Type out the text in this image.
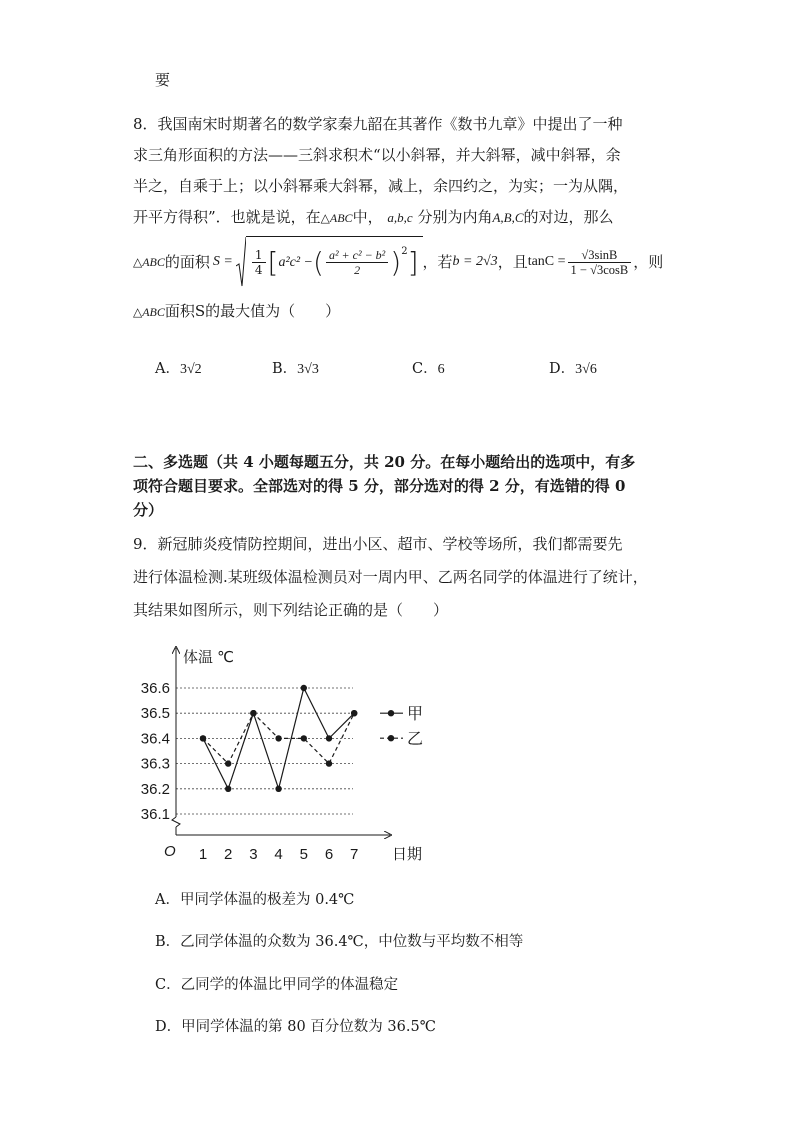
要
8．我国南宋时期著名的数学家秦九韶在其著作《数书九章》中提出了一种
求三角形面积的方法——三斜求积术“以小斜幂，并大斜幂，减中斜幂，余
半之，自乘于上；以小斜幂乘大斜幂，减上，余四约之，为实；一为从隅，
开平方得积”．也就是说，在△ABC中， a,b,c 分别为内角A,B,C的对边，那么
△ABC 的面积 $S = \frac{1}{4}$ [ a²c² − ( $\frac{\text{a² + c² − b²}}{2} )^2$ ] ，若 b = 2√3 ，且 $\tan C = \frac{√3\sin B}{1 - √3\cos B}$ ，则
△ABC面积S的最大值为（　　）
A．3√2	B．3√3	C．6	D．3√6
二、多选题（共 4 小题每题五分，共 20 分。在每小题给出的选项中，有多
项符合题目要求。全部选对的得 5 分，部分选对的得 2 分，有选错的得 0
分）
9．新冠肺炎疫情防控期间，进出小区、超市、学校等场所，我们都需要先
进行体温检测.某班级体温检测员对一周内甲、乙两名同学的体温进行了统计，
其结果如图所示，则下列结论正确的是（　　）
体温 ℃
日期
O
36.1
36.2
36.3
36.4
36.5
36.6
1 2 3 4 5 6 7
甲
乙
A．甲同学体温的极差为 0.4℃
B．乙同学体温的众数为 36.4℃，中位数与平均数不相等
C．乙同学的体温比甲同学的体温稳定
D．甲同学体温的第 80 百分位数为 36.5℃
